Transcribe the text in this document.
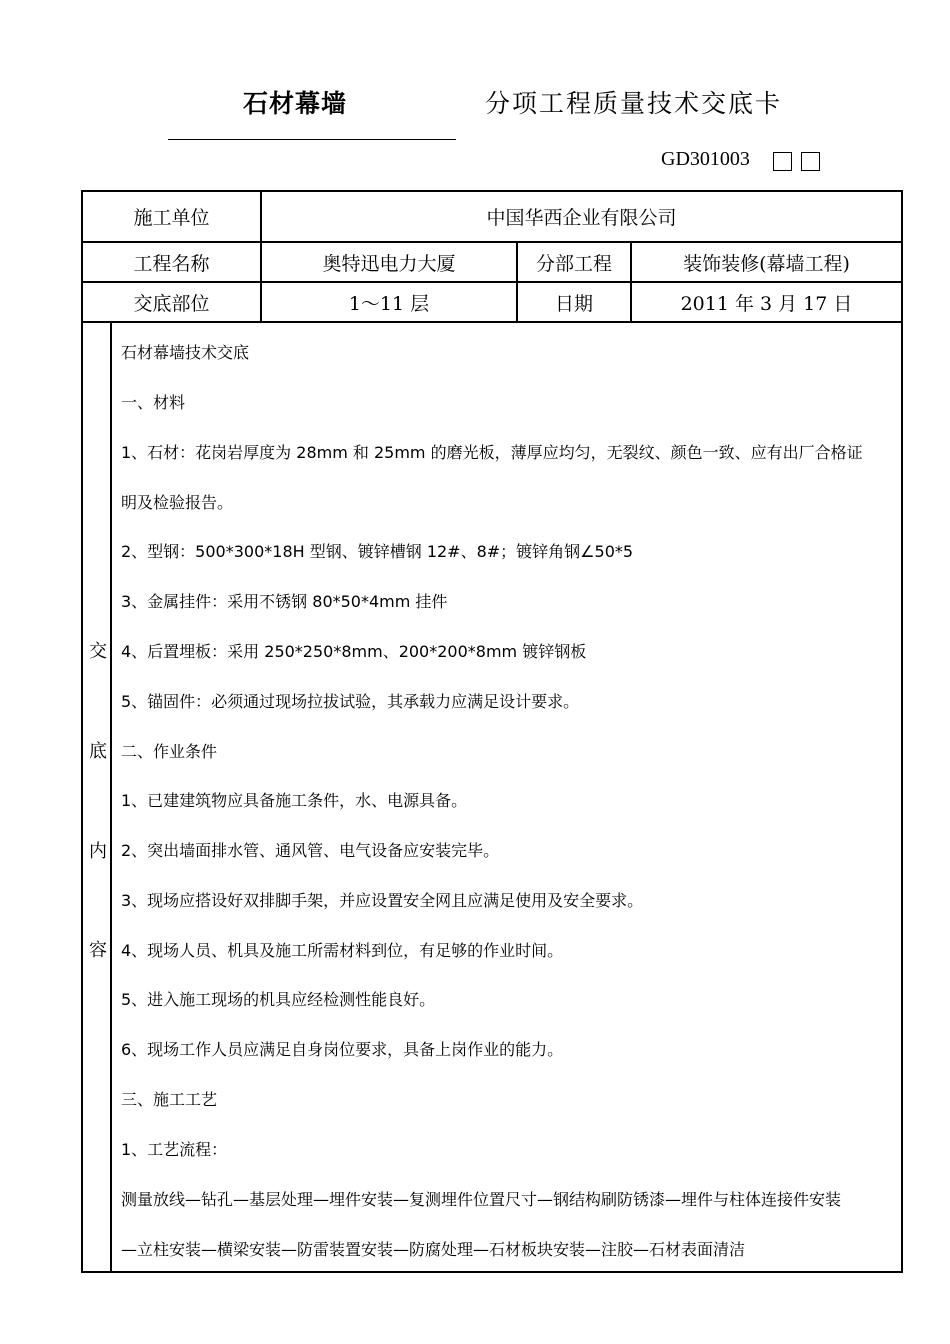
石材幕墙	分项工程质量技术交底卡
GD301003
施工单位	中国华西企业有限公司
工程名称	奥特迅电力大厦	分部工程	装饰装修(幕墙工程)
交底部位	1～11 层	日期	2011 年 3 月 17 日
交
底
内
容
石材幕墙技术交底
一、材料
1、石材：花岗岩厚度为 28mm 和 25mm 的磨光板，薄厚应均匀，无裂纹、颜色一致、应有出厂合格证
明及检验报告。
2、型钢：500*300*18H 型钢、镀锌槽钢 12#、8#；镀锌角钢∠50*5
3、金属挂件：采用不锈钢 80*50*4mm 挂件
4、后置埋板：采用 250*250*8mm、200*200*8mm 镀锌钢板
5、锚固件：必须通过现场拉拔试验，其承载力应满足设计要求。
二、作业条件
1、已建建筑物应具备施工条件，水、电源具备。
2、突出墙面排水管、通风管、电气设备应安装完毕。
3、现场应搭设好双排脚手架，并应设置安全网且应满足使用及安全要求。
4、现场人员、机具及施工所需材料到位，有足够的作业时间。
5、进入施工现场的机具应经检测性能良好。
6、现场工作人员应满足自身岗位要求，具备上岗作业的能力。
三、施工工艺
1、工艺流程：
测量放线—钻孔—基层处理—埋件安装—复测埋件位置尺寸—钢结构刷防锈漆—埋件与柱体连接件安装
—立柱安装—横梁安装—防雷装置安装—防腐处理—石材板块安装—注胶—石材表面清洁
